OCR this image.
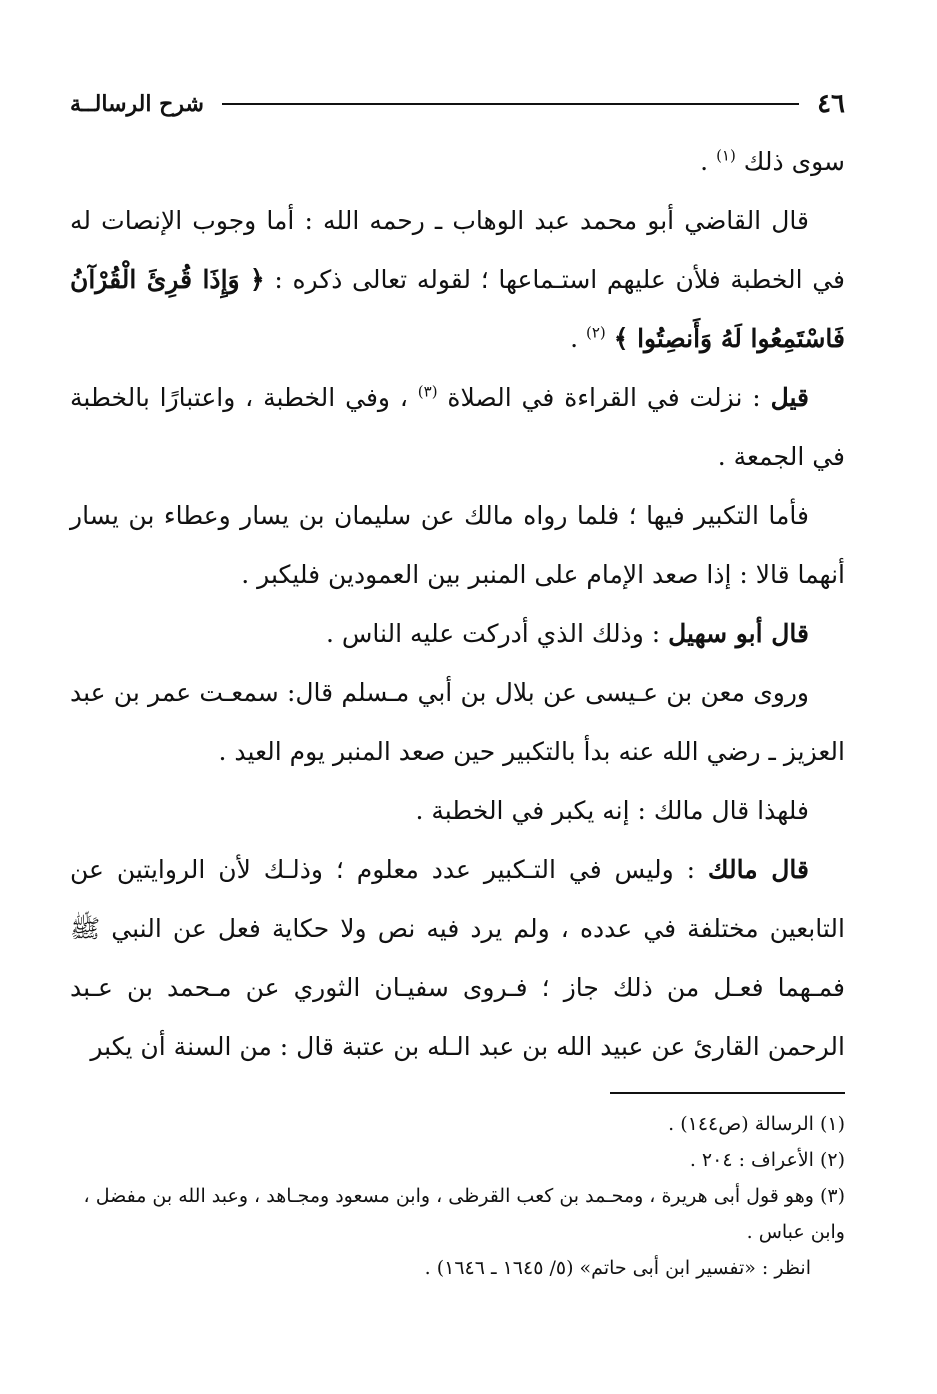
٤٦
شرح الرسالــة

سوى ذلك $^{(١)}$ .

قال القاضي أبو محمد عبد الوهاب ـ رحمه الله : أما وجوب الإنصات له في الخطبة فلأن عليهم استـماعها ؛ لقوله تعالى ذكره : ﴿ وَإِذَا قُرِئَ الْقُرْآنُ فَاسْتَمِعُوا لَهُ وَأَنصِتُوا ﴾ $^{(٢)}$ .

قيل : نزلت في القراءة في الصلاة $^{(٣)}$ ، وفي الخطبة ، واعتبارًا بالخطبة في الجمعة .

فأما التكبير فيها ؛ فلما رواه مالك عن سليمان بن يسار وعطاء بن يسار أنهما قالا : إذا صعد الإمام على المنبر بين العمودين فليكبر .

قال أبو سهيل : وذلك الذي أدركت عليه الناس .

وروى معن بن عـيسى عن بلال بن أبي مـسلم قال: سمعـت عمر بن عبد العزيز ـ رضي الله عنه بدأ بالتكبير حين صعد المنبر يوم العيد .

فلهذا قال مالك : إنه يكبر في الخطبة .

قال مالك : وليس في التـكبير عدد معلوم ؛ وذلـك لأن الروايتين عن التابعين مختلفة في عدده ، ولم يرد فيه نص ولا حكاية فعل عن النبي ﷺ فمـهما فعـل من ذلك جاز ؛ فـروى سفيـان الثوري عن مـحمد بن عـبد الرحمن القارئ عن عبيد الله بن عبد الـله بن عتبة قال : من السنة أن يكبر

(١)الرسالة (ص١٤٤) .

(٢)الأعراف : ٢٠٤ .

(٣)وهو قول أبى هريرة ، ومحـمد بن كعب القرظى ، وابن مسعود ومجـاهد ، وعبد الله بن مفضل ، وابن عباس .

انظر : «تفسير ابن أبى حاتم» (٥/ ١٦٤٥ ـ ١٦٤٦) .
